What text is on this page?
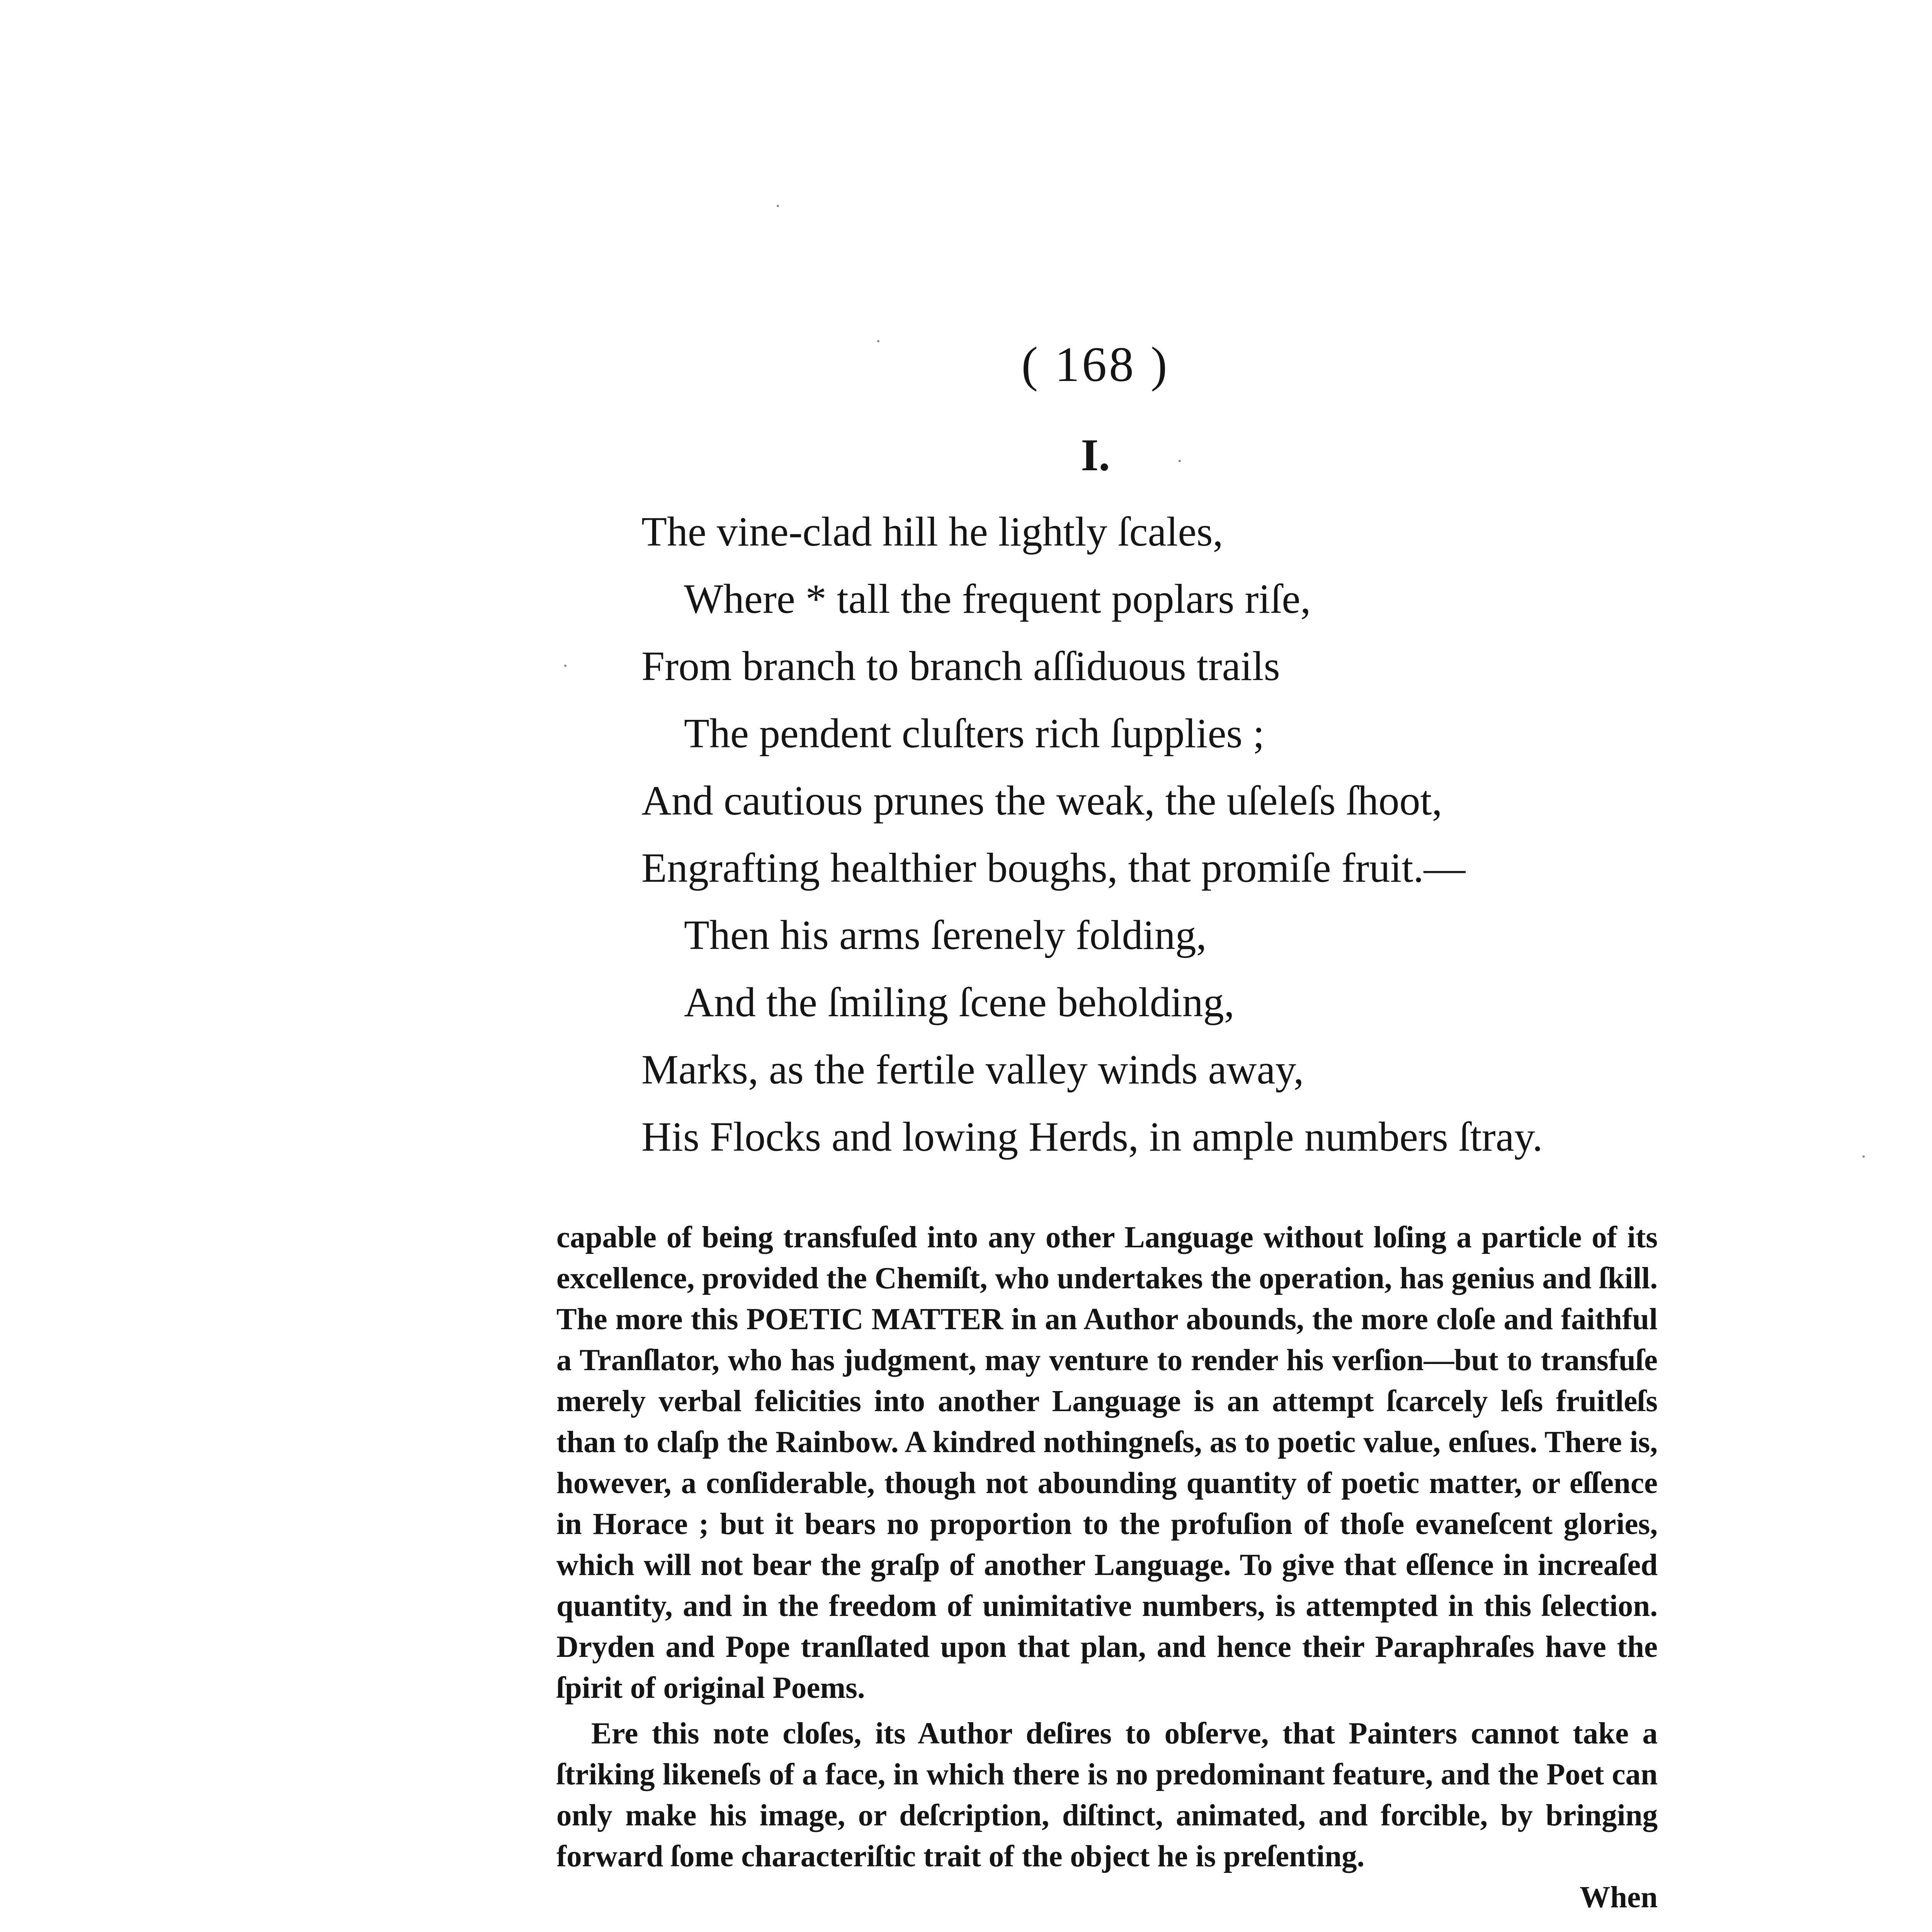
( 168 )
I.
The vine-clad hill he lightly ſcales,
Where * tall the frequent poplars riſe,
From branch to branch aſſiduous trails
The pendent cluſters rich ſupplies ;
And cautious prunes the weak, the uſeleſs ſhoot,
Engrafting healthier boughs, that promiſe fruit.—
Then his arms ſerenely folding,
And the ſmiling ſcene beholding,
Marks, as the fertile valley winds away,
His Flocks and lowing Herds, in ample numbers ſtray.

capable of being transfuſed into any other Language without loſing a particle of its excellence, provided the Chemiſt, who undertakes the operation, has genius and ſkill. The more this POETIC MATTER in an Author abounds, the more cloſe and faithful a Tranſlator, who has judgment, may venture to render his verſion—but to transfuſe merely verbal felicities into another Language is an attempt ſcarcely leſs fruitleſs than to claſp the Rainbow. A kindred nothingneſs, as to poetic value, enſues. There is, however, a conſiderable, though not abounding quantity of poetic matter, or eſſence in Horace ; but it bears no proportion to the profuſion of thoſe evaneſcent glories, which will not bear the graſp of another Language. To give that eſſence in increaſed quantity, and in the freedom of unimitative numbers, is attempted in this ſelection. Dryden and Pope tranſlated upon that plan, and hence their Paraphraſes have the ſpirit of original Poems.

Ere this note cloſes, its Author deſires to obſerve, that Painters cannot take a ſtriking likeneſs of a face, in which there is no predominant feature, and the Poet can only make his image, or deſcription, diſtinct, animated, and forcible, by bringing forward ſome characteriſtic trait of the object he is preſenting.

When
